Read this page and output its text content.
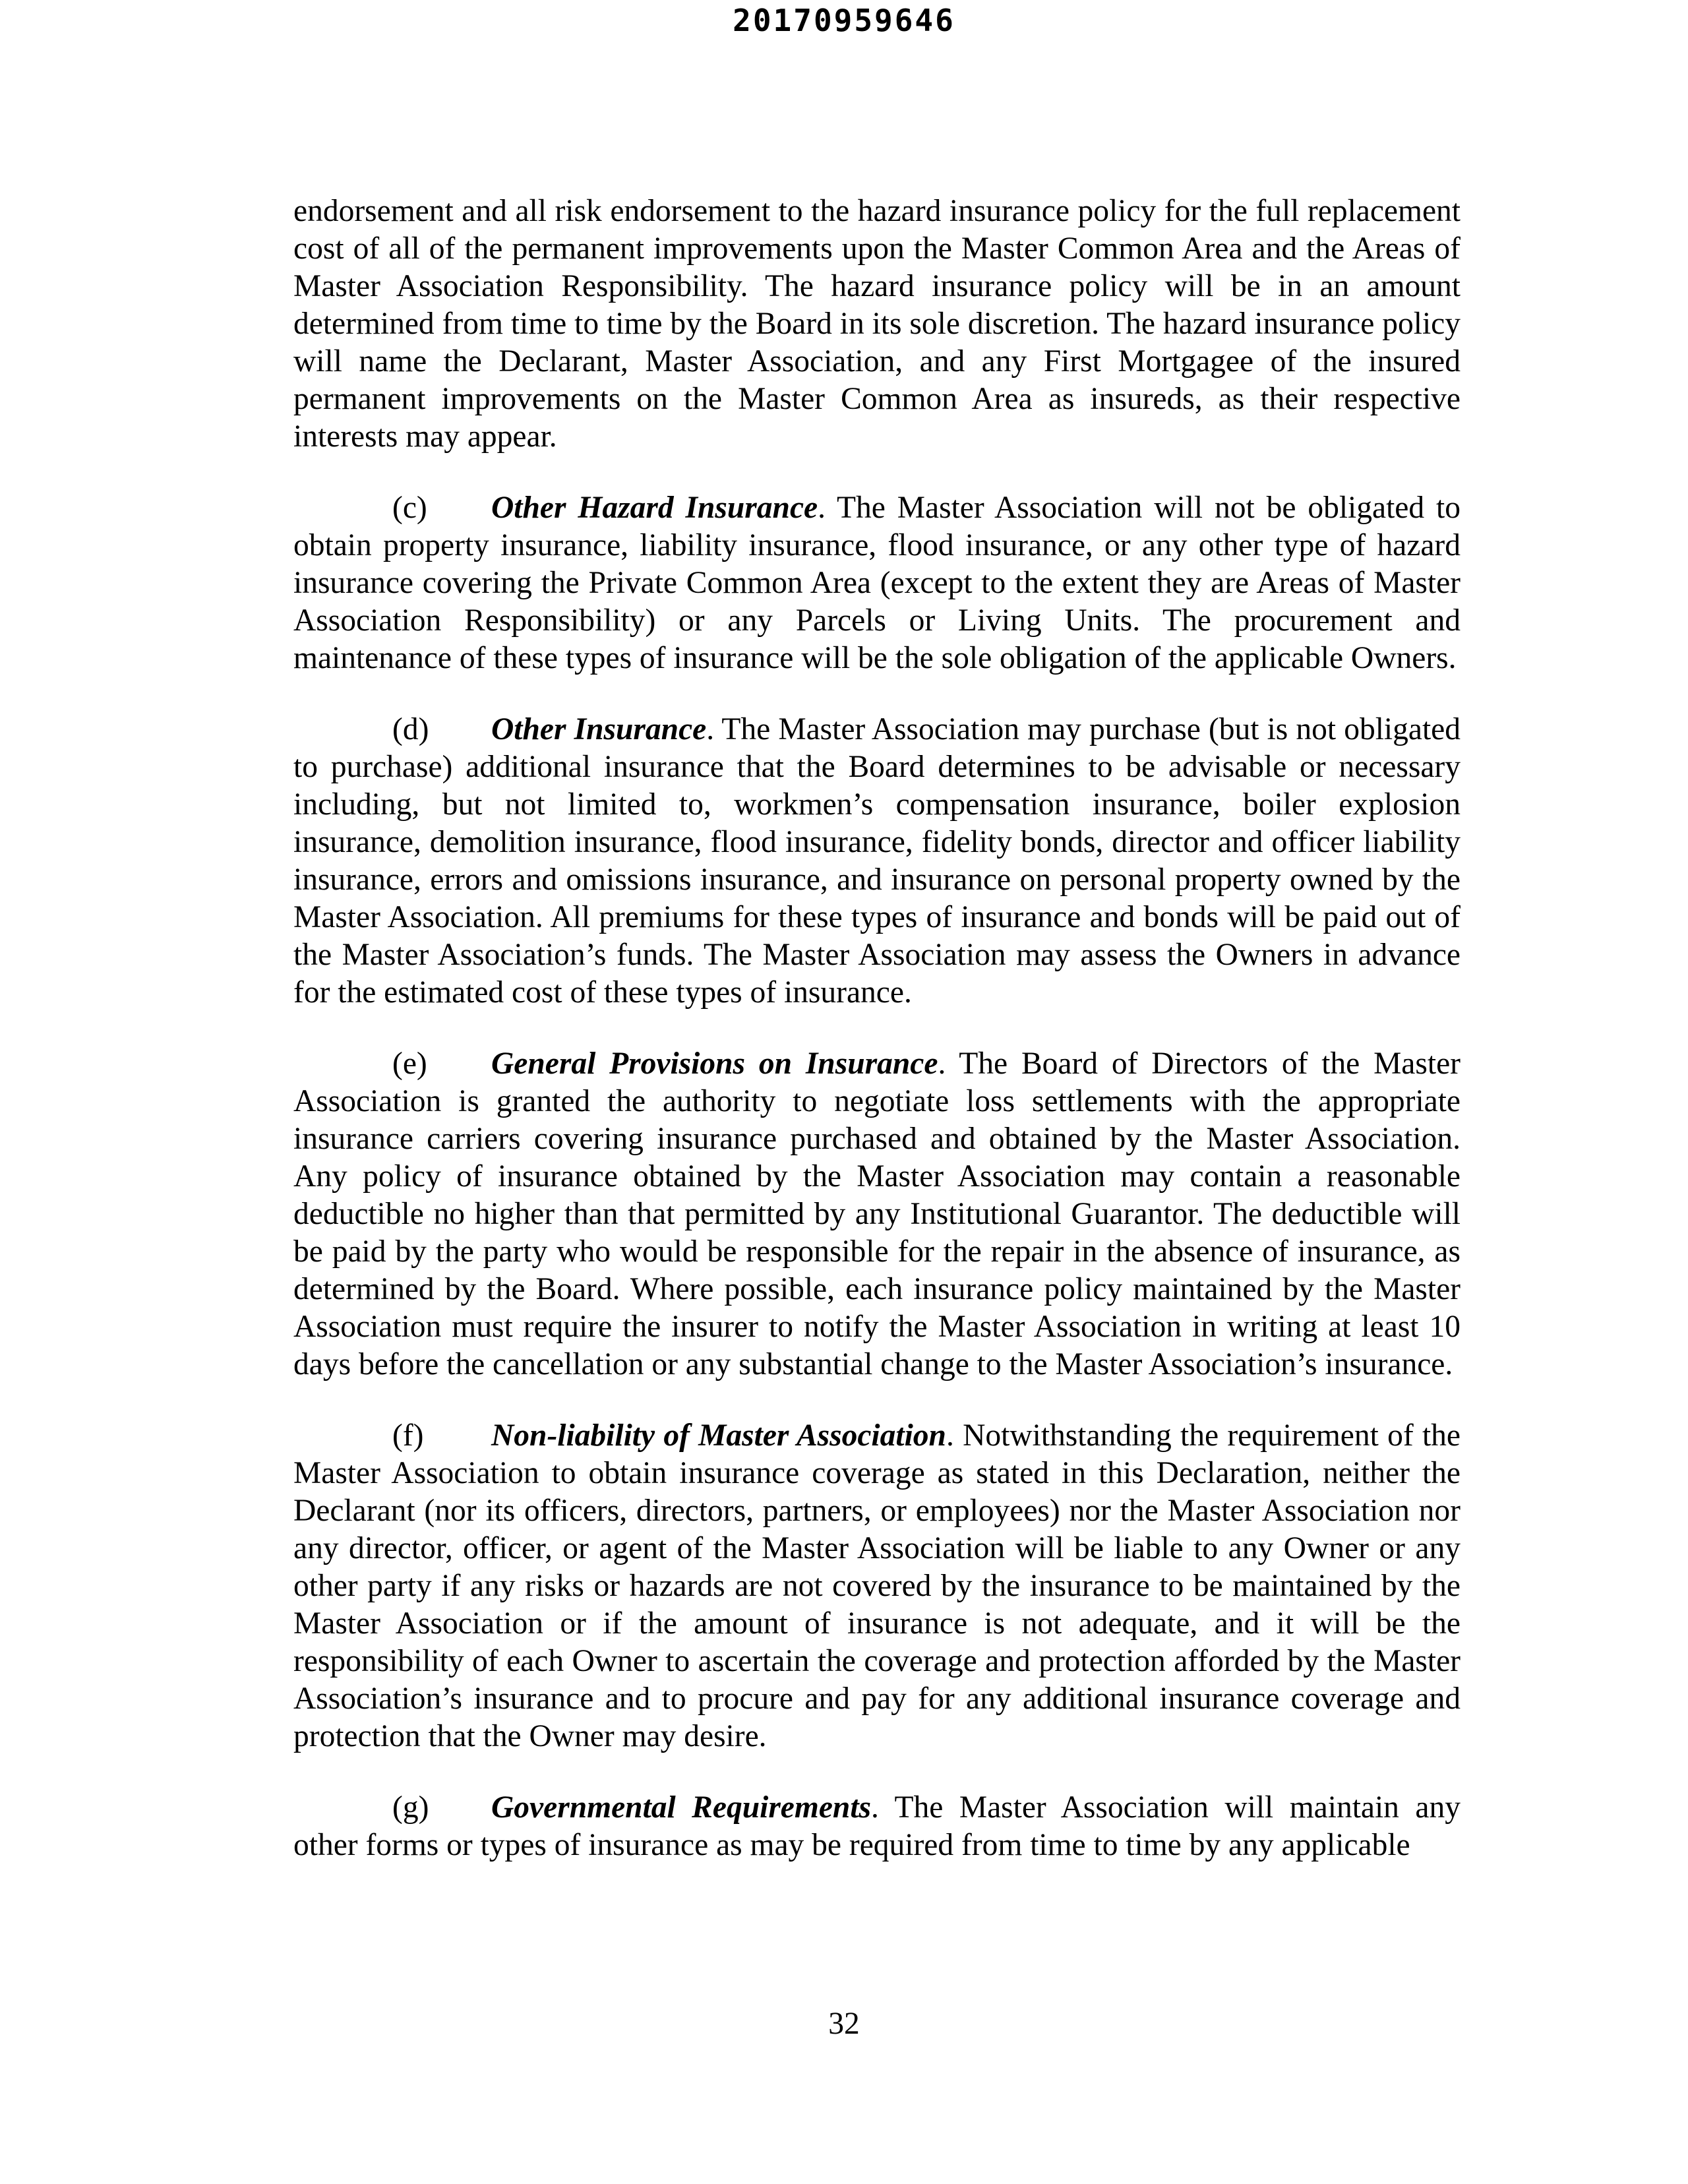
20170959646

endorsement and all risk endorsement to the hazard insurance policy for the full replacement cost of all of the permanent improvements upon the Master Common Area and the Areas of Master Association Responsibility. The hazard insurance policy will be in an amount determined from time to time by the Board in its sole discretion. The hazard insurance policy will name the Declarant, Master Association, and any First Mortgagee of the insured permanent improvements on the Master Common Area as insureds, as their respective interests may appear.

(c) Other Hazard Insurance. The Master Association will not be obligated to obtain property insurance, liability insurance, flood insurance, or any other type of hazard insurance covering the Private Common Area (except to the extent they are Areas of Master Association Responsibility) or any Parcels or Living Units. The procurement and maintenance of these types of insurance will be the sole obligation of the applicable Owners.

(d) Other Insurance. The Master Association may purchase (but is not obligated to purchase) additional insurance that the Board determines to be advisable or necessary including, but not limited to, workmen’s compensation insurance, boiler explosion insurance, demolition insurance, flood insurance, fidelity bonds, director and officer liability insurance, errors and omissions insurance, and insurance on personal property owned by the Master Association. All premiums for these types of insurance and bonds will be paid out of the Master Association’s funds. The Master Association may assess the Owners in advance for the estimated cost of these types of insurance.

(e) General Provisions on Insurance. The Board of Directors of the Master Association is granted the authority to negotiate loss settlements with the appropriate insurance carriers covering insurance purchased and obtained by the Master Association. Any policy of insurance obtained by the Master Association may contain a reasonable deductible no higher than that permitted by any Institutional Guarantor. The deductible will be paid by the party who would be responsible for the repair in the absence of insurance, as determined by the Board. Where possible, each insurance policy maintained by the Master Association must require the insurer to notify the Master Association in writing at least 10 days before the cancellation or any substantial change to the Master Association’s insurance.

(f) Non-liability of Master Association. Notwithstanding the requirement of the Master Association to obtain insurance coverage as stated in this Declaration, neither the Declarant (nor its officers, directors, partners, or employees) nor the Master Association nor any director, officer, or agent of the Master Association will be liable to any Owner or any other party if any risks or hazards are not covered by the insurance to be maintained by the Master Association or if the amount of insurance is not adequate, and it will be the responsibility of each Owner to ascertain the coverage and protection afforded by the Master Association’s insurance and to procure and pay for any additional insurance coverage and protection that the Owner may desire.

(g) Governmental Requirements. The Master Association will maintain any other forms or types of insurance as may be required from time to time by any applicable

32
